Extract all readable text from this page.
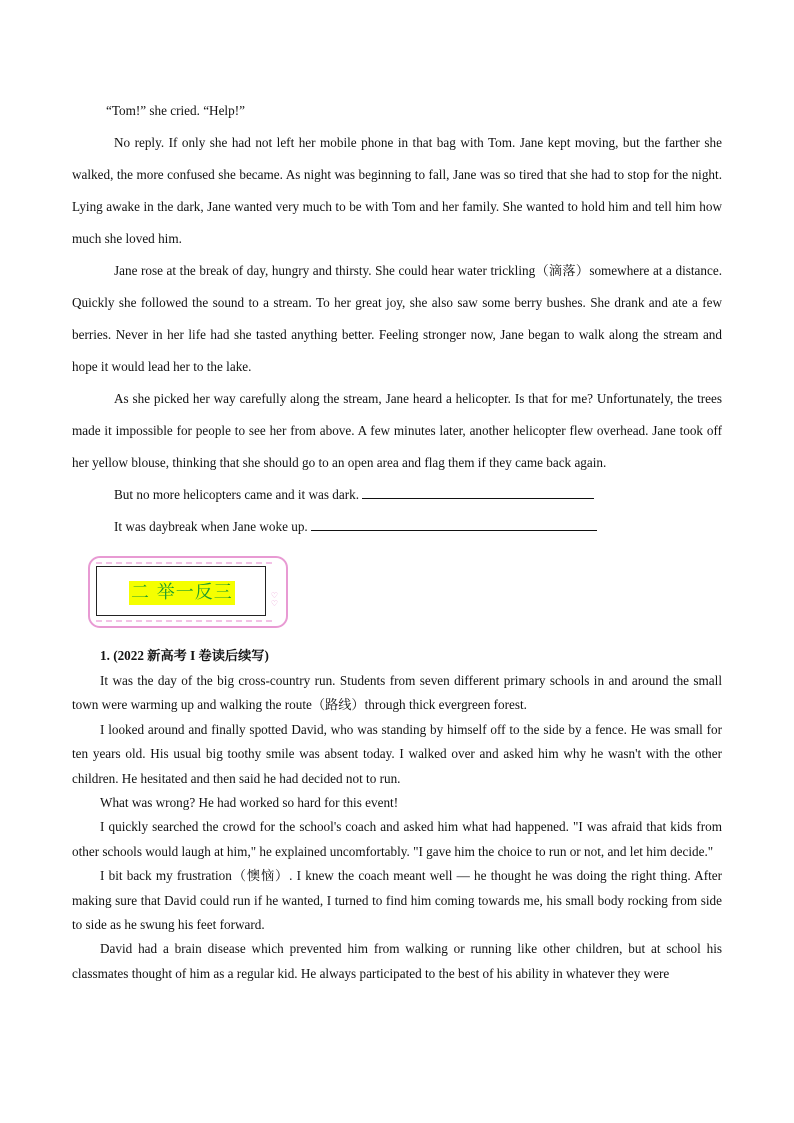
“Tom!” she cried. “Help!”

No reply. If only she had not left her mobile phone in that bag with Tom. Jane kept moving, but the farther she walked, the more confused she became. As night was beginning to fall, Jane was so tired that she had to stop for the night. Lying awake in the dark, Jane wanted very much to be with Tom and her family. She wanted to hold him and tell him how much she loved him.

Jane rose at the break of day, hungry and thirsty. She could hear water trickling（滴落）somewhere at a distance. Quickly she followed the sound to a stream. To her great joy, she also saw some berry bushes. She drank and ate a few berries. Never in her life had she tasted anything better. Feeling stronger now, Jane began to walk along the stream and hope it would lead her to the lake.

As she picked her way carefully along the stream, Jane heard a helicopter. Is that for me? Unfortunately, the trees made it impossible for people to see her from above. A few minutes later, another helicopter flew overhead. Jane took off her yellow blouse, thinking that she should go to an open area and flag them if they came back again.

But no more helicopters came and it was dark.

It was daybreak when Jane woke up.

二 举一反三	♡
♡

1. (2022 新高考 I 卷读后续写)

It was the day of the big cross-country run. Students from seven different primary schools in and around the small town were warming up and walking the route（路线）through thick evergreen forest.

I looked around and finally spotted David, who was standing by himself off to the side by a fence. He was small for ten years old. His usual big toothy smile was absent today. I walked over and asked him why he wasn't with the other children. He hesitated and then said he had decided not to run.

What was wrong? He had worked so hard for this event!

I quickly searched the crowd for the school's coach and asked him what had happened. "I was afraid that kids from other schools would laugh at him," he explained uncomfortably. "I gave him the choice to run or not, and let him decide."

I bit back my frustration（懊恼）. I knew the coach meant well — he thought he was doing the right thing. After making sure that David could run if he wanted, I turned to find him coming towards me, his small body rocking from side to side as he swung his feet forward.

David had a brain disease which prevented him from walking or running like other children, but at school his classmates thought of him as a regular kid. He always participated to the best of his ability in whatever they were
